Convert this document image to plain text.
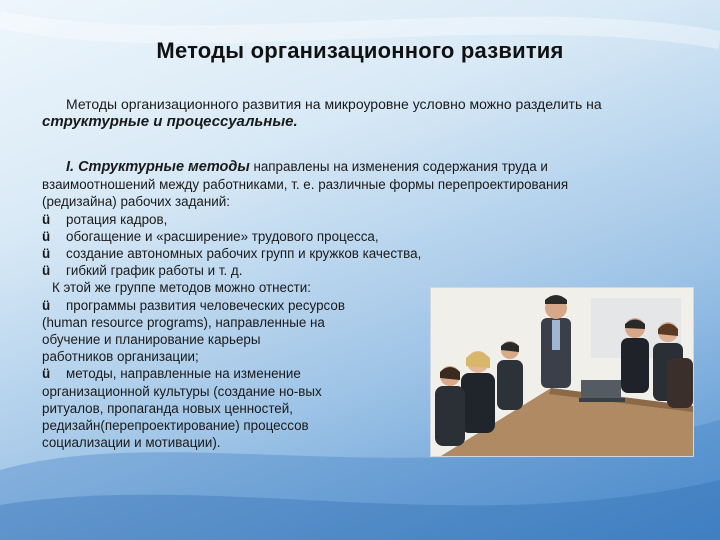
Методы организационного развития
Методы организационного развития на микроуровне условно можно разделить на
структурные и процессуальные.

I. Структурные методы направлены на изменения содержания труда и

взаимоотношений между работниками, т. е. различные формы перепроектирования

(редизайна) рабочих заданий:

ü ротация кадров,

ü обогащение и «расширение» трудового процесса,

ü создание автономных рабочих групп и кружков качества,

ü гибкий график работы и т. д.

К этой же группе методов можно отнести:

ü программы развития человеческих ресурсов

(human resource programs), направленные на

обучение и планирование карьеры

работников организации;

ü методы, направленные на изменение

организационной культуры (создание но-вых

ритуалов, пропаганда новых ценностей,

редизайн(перепроектирование) процессов

социализации и мотивации).
